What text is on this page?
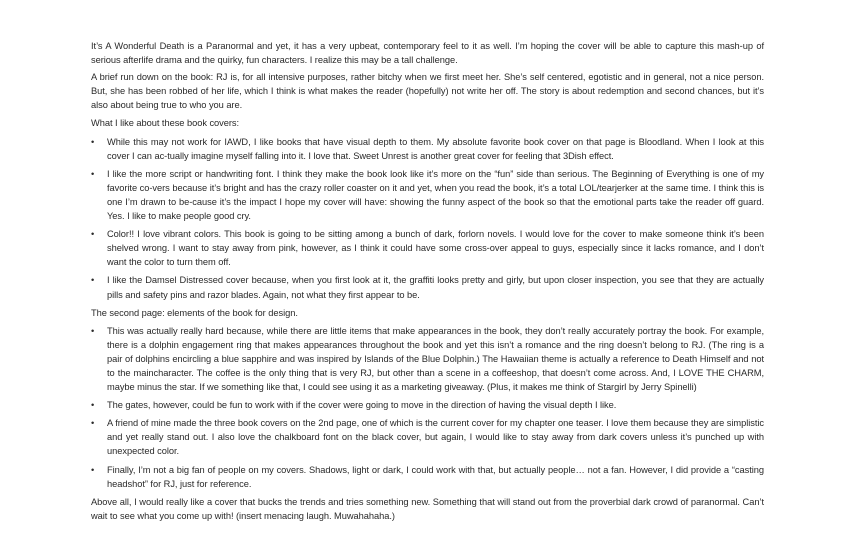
It’s A Wonderful Death is a Paranormal and yet, it has a very upbeat, contemporary feel to it as well. I’m hoping the cover will be able to capture this mash-up of serious afterlife drama and the quirky, fun characters. I realize this may be a tall challenge.

A brief run down on the book: RJ is, for all intensive purposes, rather bitchy when we first meet her. She’s self centered, egotistic and in general, not a nice person. But, she has been robbed of her life, which I think is what makes the reader (hopefully) not write her off. The story is about redemption and second chances, but it’s also about being true to who you are.

What I like about these book covers:

•	While this may not work for IAWD, I like books that have visual depth to them. My absolute favorite book cover on that page is Bloodland. When I look at this cover I can ac-tually imagine myself falling into it. I love that. Sweet Unrest is another great cover for feeling that 3Dish effect.
•	I like the more script or handwriting font. I think they make the book look like it’s more on the “fun” side than serious. The Beginning of Everything is one of my favorite co-vers because it’s bright and has the crazy roller coaster on it and yet, when you read the book, it’s a total LOL/tearjerker at the same time. I think this is one I’m drawn to be-cause it’s the impact I hope my cover will have: showing the funny aspect of the book so that the emotional parts take the reader off guard. Yes. I like to make people good cry.
•	Color!! I love vibrant colors. This book is going to be sitting among a bunch of dark, forlorn novels. I would love for the cover to make someone think it’s been shelved wrong. I want to stay away from pink, however, as I think it could have some cross-over appeal to guys, especially since it lacks romance, and I don’t want the color to turn them off.
•	I like the Damsel Distressed cover because, when you first look at it, the graffiti looks pretty and girly, but upon closer inspection, you see that they are actually pills and safety pins and razor blades. Again, not what they first appear to be.

The second page: elements of the book for design.

•	This was actually really hard because, while there are little items that make appearances in the book, they don’t really accurately portray the book. For example, there is a dolphin engagement ring that makes appearances throughout the book and yet this isn’t a romance and the ring doesn’t belong to RJ. (The ring is a pair of dolphins encircling a blue sapphire and was inspired by Islands of the Blue Dolphin.) The Hawaiian theme is actually a reference to Death Himself and not to the maincharacter. The coffee is the only thing that is very RJ, but other than a scene in a coffeeshop, that doesn’t come across. And, I LOVE THE CHARM, maybe minus the star. If we something like that, I could see using it as a marketing giveaway. (Plus, it makes me think of Stargirl by Jerry Spinelli)
•	The gates, however, could be fun to work with if the cover were going to move in the direction of having the visual depth I like.
•	A friend of mine made the three book covers on the 2nd page, one of which is the current cover for my chapter one teaser. I love them because they are simplistic and yet really stand out. I also love the chalkboard font on the black cover, but again, I would like to stay away from dark covers unless it’s punched up with unexpected color.
•	Finally, I’m not a big fan of people on my covers. Shadows, light or dark, I could work with that, but actually people… not a fan. However, I did provide a “casting headshot” for RJ, just for reference.

Above all, I would really like a cover that bucks the trends and tries something new. Something that will stand out from the proverbial dark crowd of paranormal. Can’t wait to see what you come up with! (insert menacing laugh. Muwahahaha.)
